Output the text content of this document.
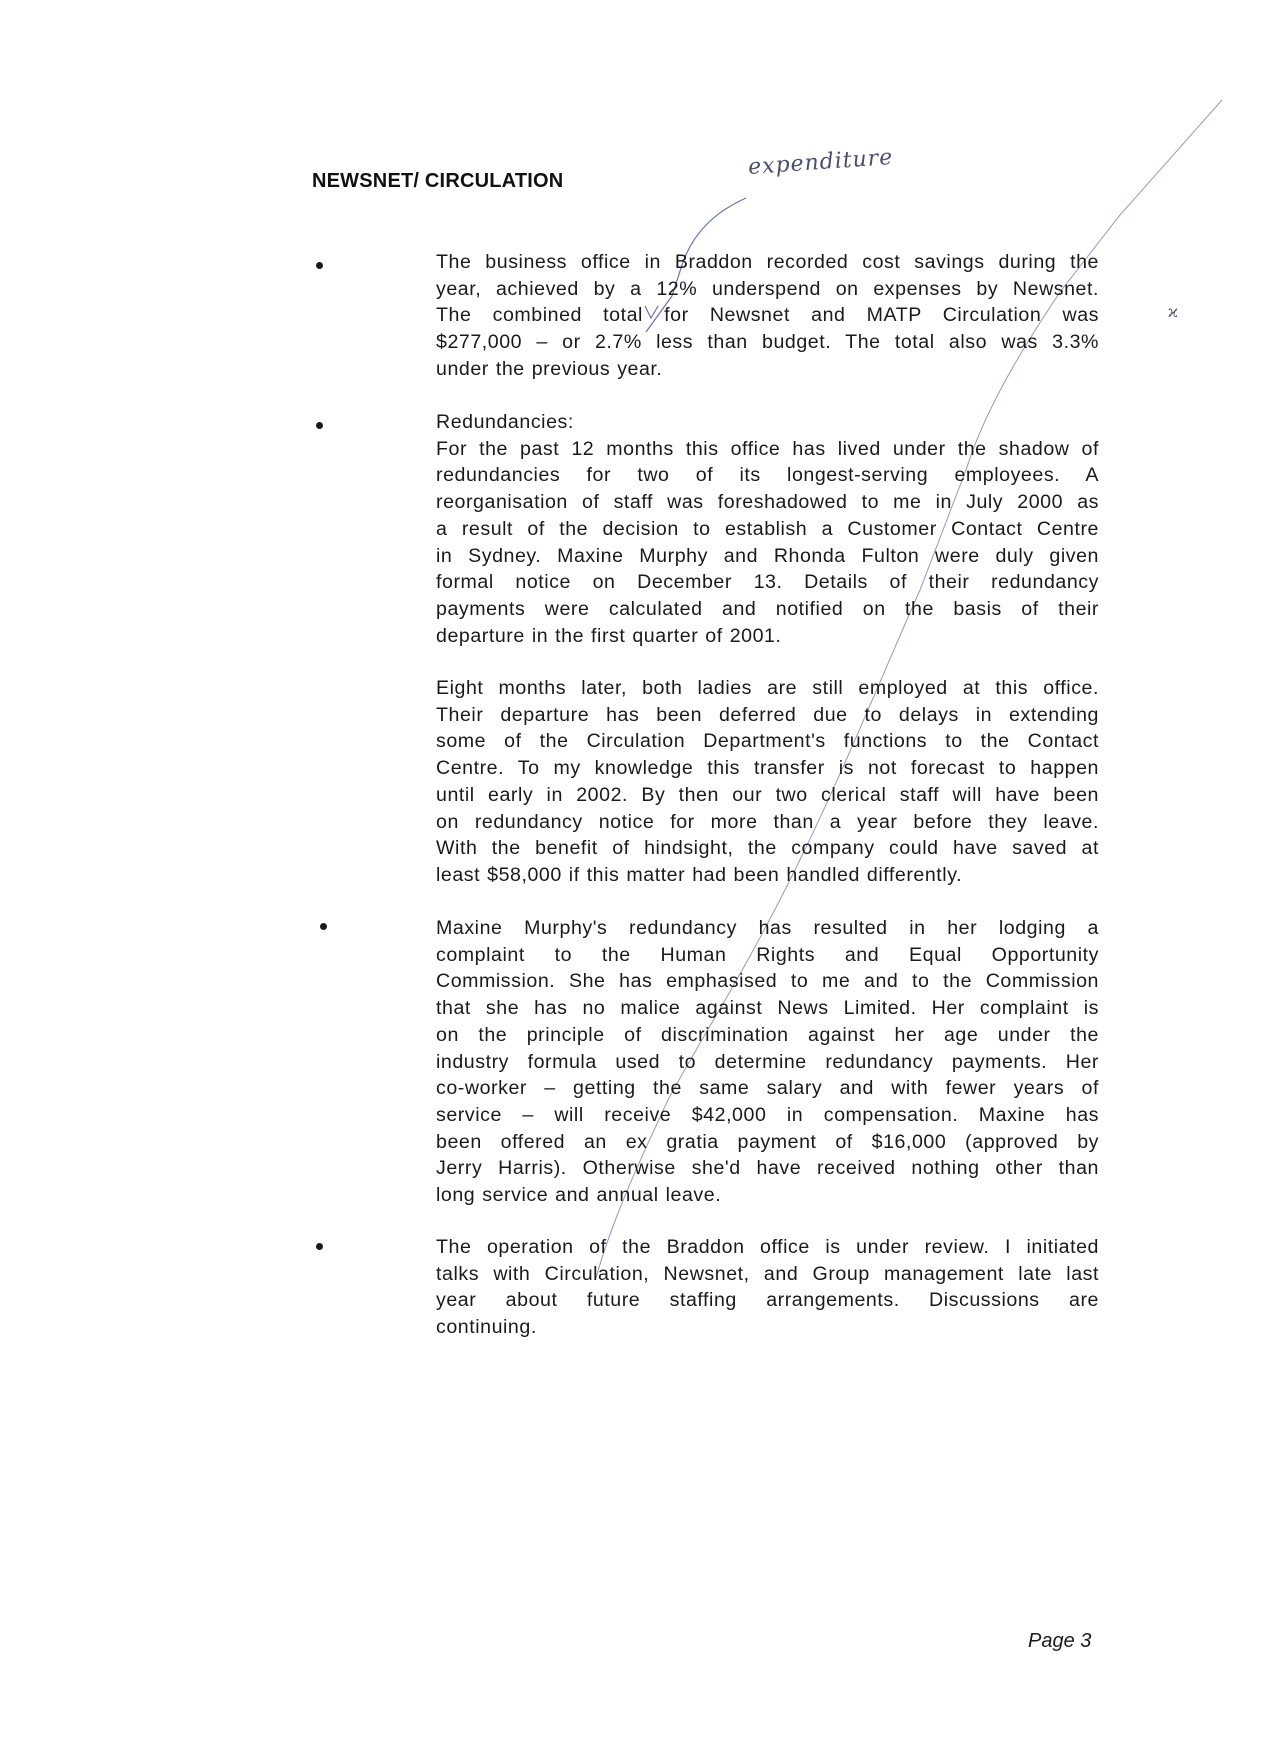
expenditure
ϰ
NEWSNET/ CIRCULATION
The business office in Braddon recorded cost savings during the
year, achieved by a 12% underspend on expenses by Newsnet.
The combined total for Newsnet and MATP Circulation was
$277,000 – or 2.7% less than budget. The total also was 3.3%
under the previous year.
Redundancies:
For the past 12 months this office has lived under the shadow of
redundancies for two of its longest-serving employees. A
reorganisation of staff was foreshadowed to me in July 2000 as
a result of the decision to establish a Customer Contact Centre
in Sydney. Maxine Murphy and Rhonda Fulton were duly given
formal notice on December 13. Details of their redundancy
payments were calculated and notified on the basis of their
departure in the first quarter of 2001.
Eight months later, both ladies are still employed at this office.
Their departure has been deferred due to delays in extending
some of the Circulation Department's functions to the Contact
Centre. To my knowledge this transfer is not forecast to happen
until early in 2002. By then our two clerical staff will have been
on redundancy notice for more than a year before they leave.
With the benefit of hindsight, the company could have saved at
least $58,000 if this matter had been handled differently.
Maxine Murphy's redundancy has resulted in her lodging a
complaint to the Human Rights and Equal Opportunity
Commission. She has emphasised to me and to the Commission
that she has no malice against News Limited. Her complaint is
on the principle of discrimination against her age under the
industry formula used to determine redundancy payments. Her
co-worker – getting the same salary and with fewer years of
service – will receive $42,000 in compensation. Maxine has
been offered an ex gratia payment of $16,000 (approved by
Jerry Harris). Otherwise she'd have received nothing other than
long service and annual leave.
The operation of the Braddon office is under review. I initiated
talks with Circulation, Newsnet, and Group management late last
year about future staffing arrangements. Discussions are
continuing.
Page 3
